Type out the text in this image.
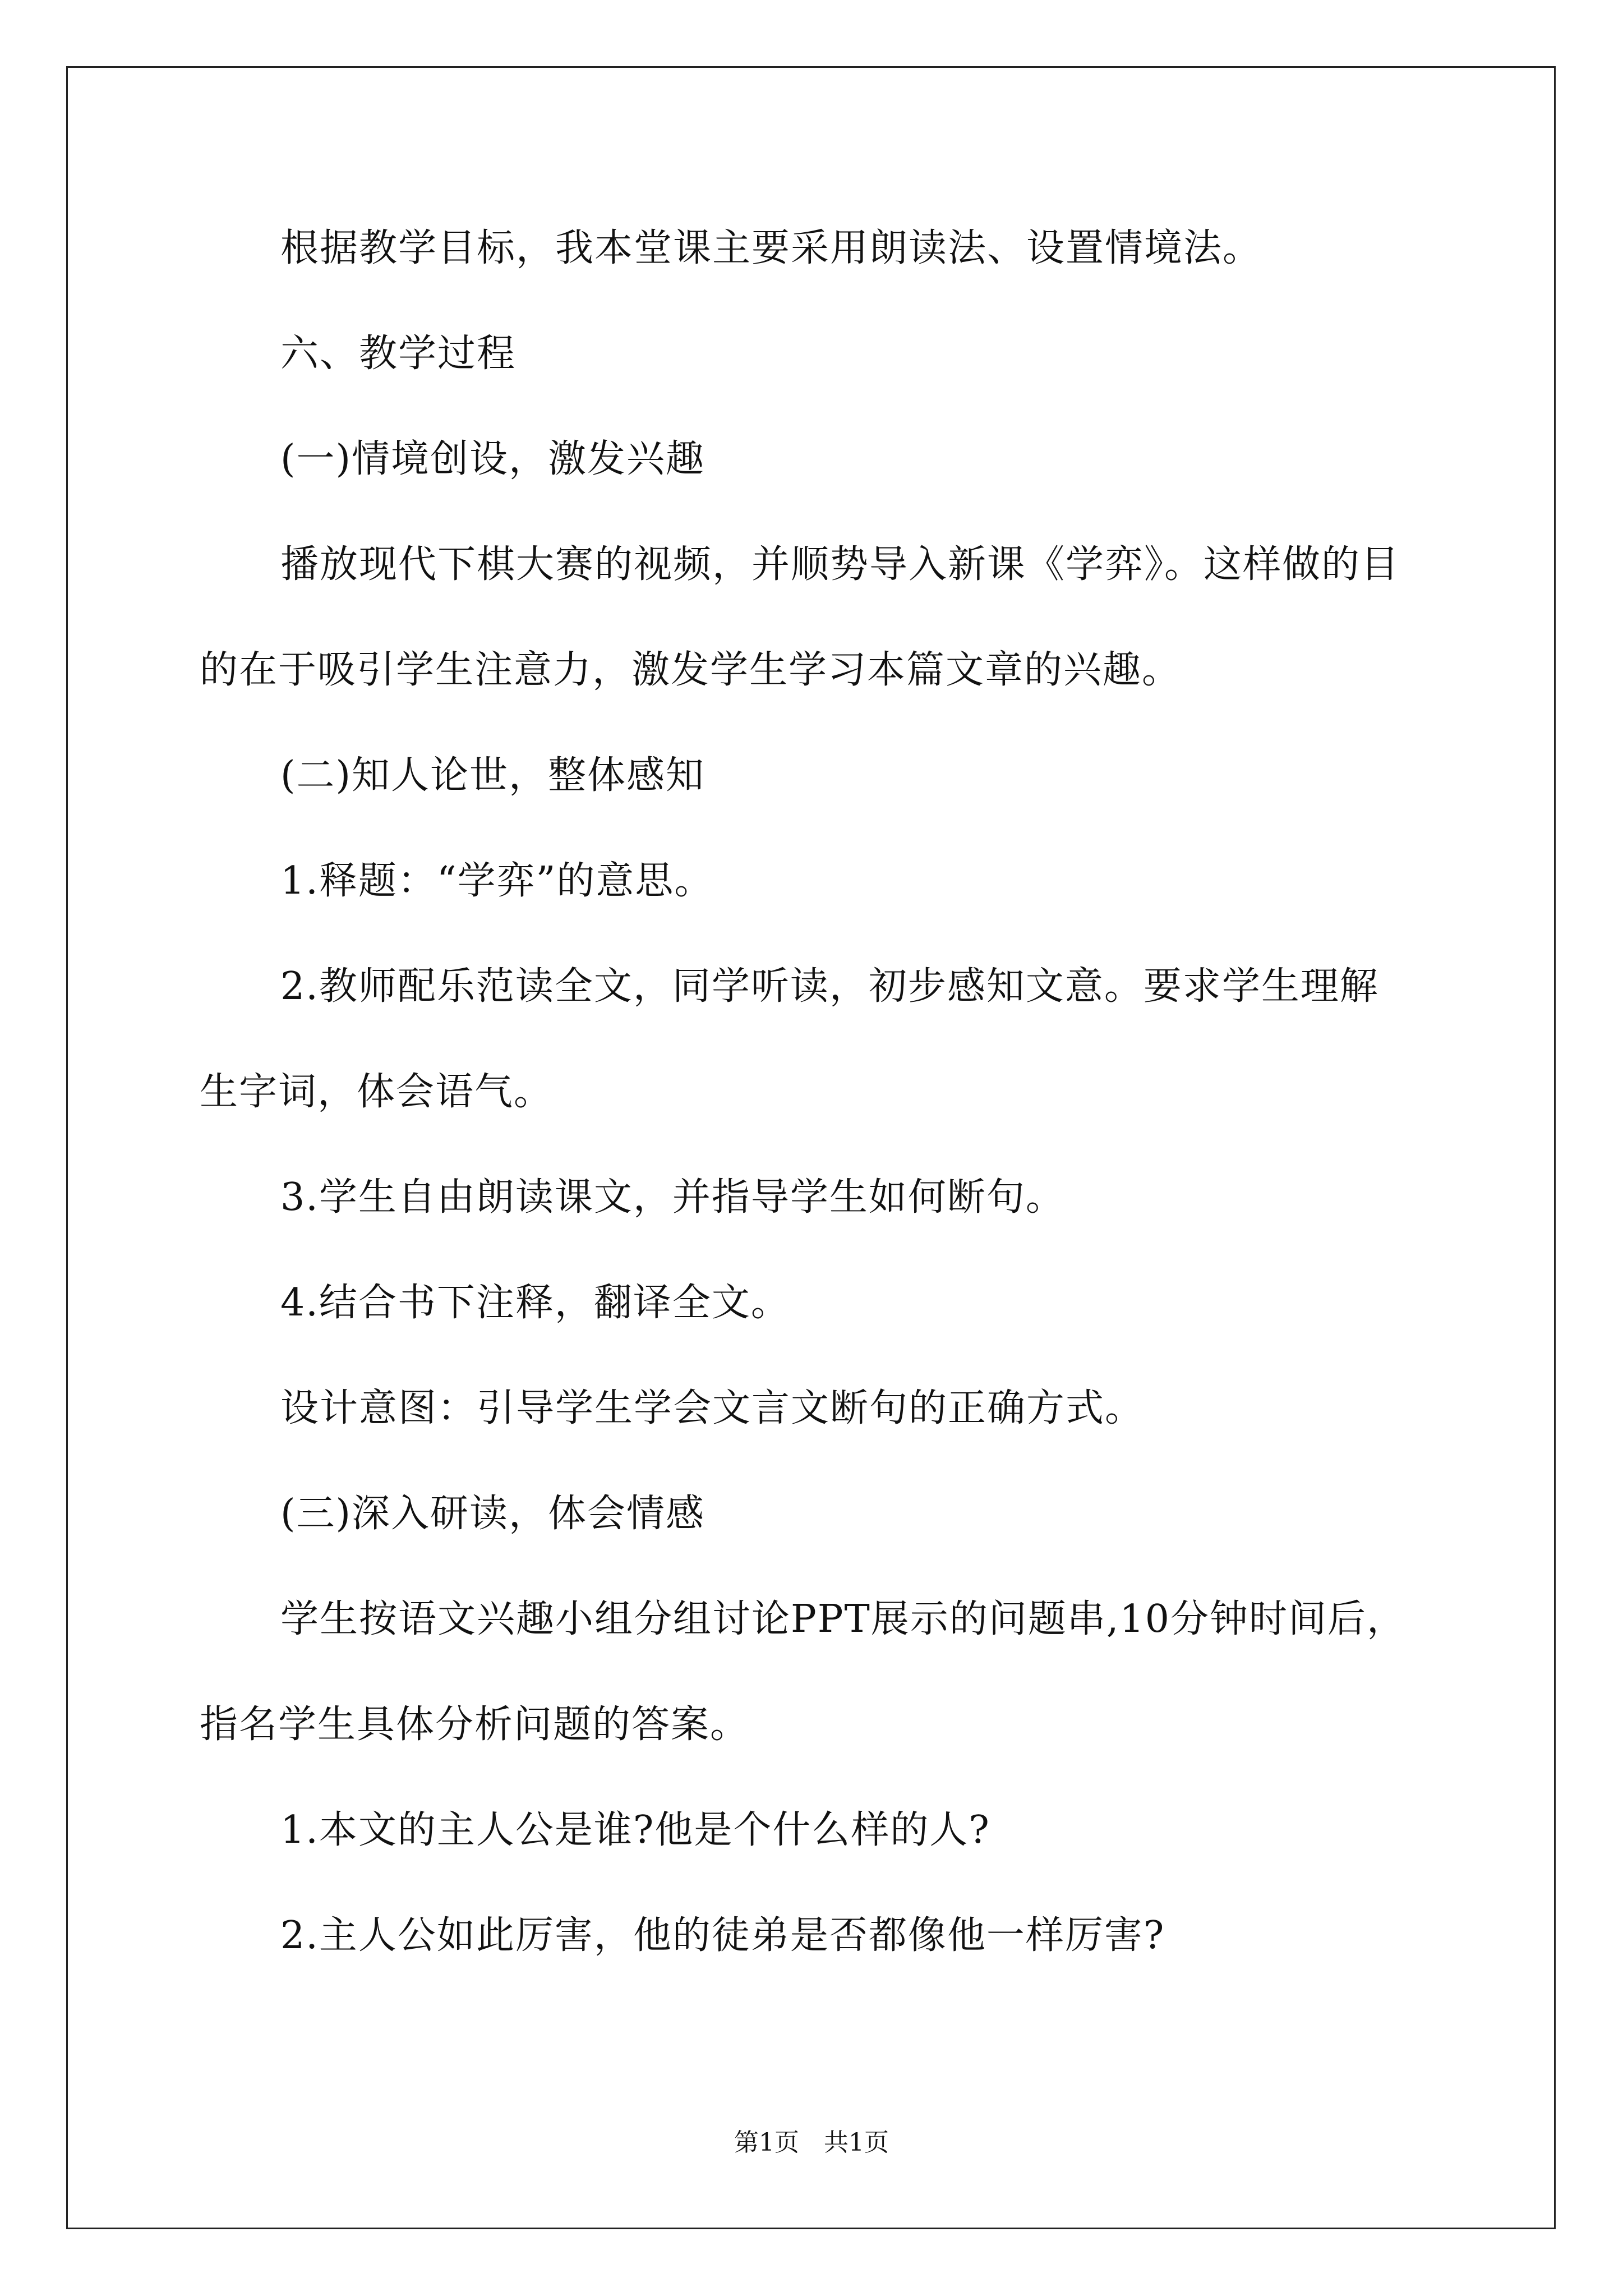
根据教学目标，我本堂课主要采用朗读法、设置情境法。
六、教学过程
(一)情境创设，激发兴趣
播放现代下棋大赛的视频，并顺势导入新课《学弈》。这样做的目
的在于吸引学生注意力，激发学生学习本篇文章的兴趣。
(二)知人论世，整体感知
1.释题：“学弈”的意思。
2.教师配乐范读全文，同学听读，初步感知文意。要求学生理解
生字词，体会语气。
3.学生自由朗读课文，并指导学生如何断句。
4.结合书下注释，翻译全文。
设计意图：引导学生学会文言文断句的正确方式。
(三)深入研读，体会情感
学生按语文兴趣小组分组讨论PPT展示的问题串,10分钟时间后，
指名学生具体分析问题的答案。
1.本文的主人公是谁?他是个什么样的人?
2.主人公如此厉害，他的徒弟是否都像他一样厉害?
第1页　共1页
